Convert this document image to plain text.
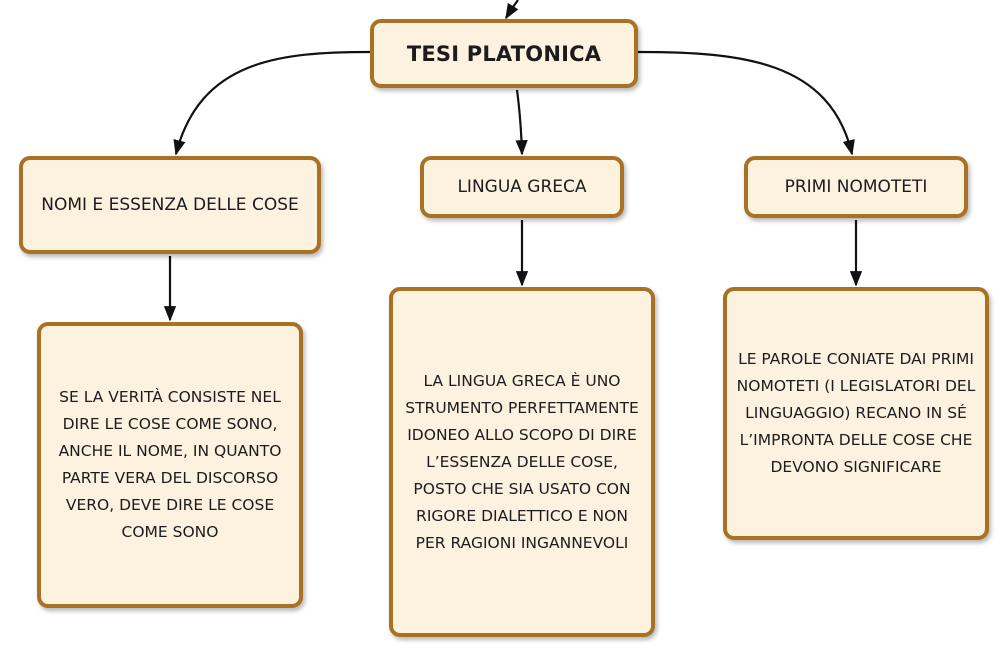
TESI PLATONICA
NOMI E ESSENZA DELLE COSE
LINGUA GRECA	PRIMI NOMOTETI
SE LA VERITÀ CONSISTE NEL DIRE LE COSE COME SONO, ANCHE IL NOME, IN QUANTO PARTE VERA DEL DISCORSO VERO, DEVE DIRE LE COSE COME SONO
LA LINGUA GRECA È UNO STRUMENTO PERFETTAMENTE IDONEO ALLO SCOPO DI DIRE L’ESSENZA DELLE COSE, POSTO CHE SIA USATO CON RIGORE DIALETTICO E NON PER RAGIONI INGANNEVOLI
LE PAROLE CONIATE DAI PRIMI NOMOTETI (I LEGISLATORI DEL LINGUAGGIO) RECANO IN SÉ L’IMPRONTA DELLE COSE CHE DEVONO SIGNIFICARE
